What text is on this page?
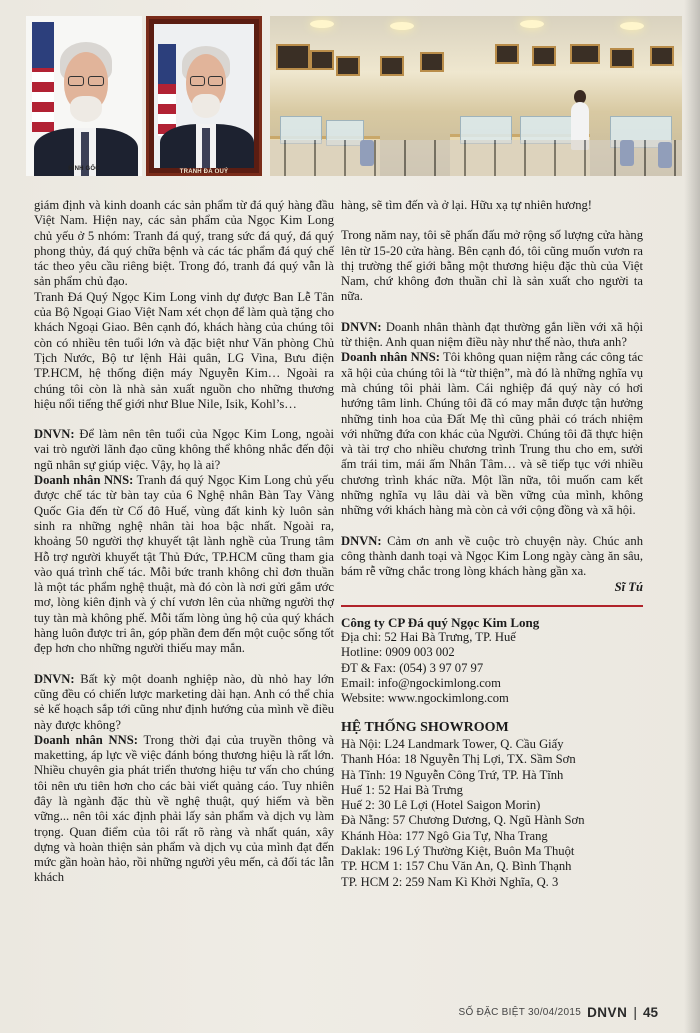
HÌNH GỐC	TRANH ĐÁ QUÝ

giám định và kinh doanh các sản phẩm từ đá quý hàng đầu Việt Nam. Hiện nay, các sản phẩm của Ngọc Kim Long chủ yếu ở 5 nhóm: Tranh đá quý, trang sức đá quý, đá quý phong thủy, đá quý chữa bệnh và các tác phẩm đá quý chế tác theo yêu cầu riêng biệt. Trong đó, tranh đá quý vẫn là sản phẩm chủ đạo.

Tranh Đá Quý Ngọc Kim Long vinh dự được Ban Lễ Tân của Bộ Ngoại Giao Việt Nam xét chọn để làm quà tặng cho khách Ngoại Giao. Bên cạnh đó, khách hàng của chúng tôi còn có nhiều tên tuổi lớn và đặc biệt như Văn phòng Chủ Tịch Nước, Bộ tư lệnh Hải quân, LG Vina, Bưu điện TP.HCM, hệ thống điện máy Nguyễn Kim… Ngoài ra chúng tôi còn là nhà sản xuất nguồn cho những thương hiệu nổi tiếng thế giới như Blue Nile, Isik, Kohl’s…

DNVN: Để làm nên tên tuổi của Ngọc Kim Long, ngoài vai trò người lãnh đạo cũng không thể không nhắc đến đội ngũ nhân sự giúp việc. Vậy, họ là ai?

Doanh nhân NNS: Tranh đá quý Ngọc Kim Long chủ yếu được chế tác từ bàn tay của 6 Nghệ nhân Bàn Tay Vàng Quốc Gia đến từ Cố đô Huế, vùng đất kinh kỳ luôn sản sinh ra những nghệ nhân tài hoa bậc nhất. Ngoài ra, khoảng 50 người thợ khuyết tật lành nghề của Trung tâm Hỗ trợ người khuyết tật Thủ Đức, TP.HCM cũng tham gia vào quá trình chế tác. Mỗi bức tranh không chỉ đơn thuần là một tác phẩm nghệ thuật, mà đó còn là nơi gửi gắm ước mơ, lòng kiên định và ý chí vươn lên của những người thợ tuy tàn mà không phế. Mỗi tấm lòng ủng hộ của quý khách hàng luôn được tri ân, góp phần đem đến một cuộc sống tốt đẹp hơn cho những người thiếu may mắn.

DNVN: Bất kỳ một doanh nghiệp nào, dù nhỏ hay lớn cũng đều có chiến lược marketing dài hạn. Anh có thể chia sẻ kế hoạch sắp tới cũng như định hướng của mình về điều này được không?

Doanh nhân NNS: Trong thời đại của truyền thông và maketting, áp lực về việc đánh bóng thương hiệu là rất lớn. Nhiều chuyên gia phát triển thương hiệu tư vấn cho chúng tôi nên ưu tiên hơn cho các bài viết quảng cáo. Tuy nhiên đây là ngành đặc thù về nghệ thuật, quý hiếm và bền vững... nên tôi xác định phải lấy sản phẩm và dịch vụ làm trọng. Quan điểm của tôi rất rõ ràng và nhất quán, xây dựng và hoàn thiện sản phẩm và dịch vụ của mình đạt đến mức gần hoàn hảo, rồi những người yêu mến, cả đối tác lẫn khách

hàng, sẽ tìm đến và ở lại. Hữu xạ tự nhiên hương!

Trong năm nay, tôi sẽ phấn đấu mở rộng số lượng cửa hàng lên từ 15-20 cửa hàng. Bên cạnh đó, tôi cũng muốn vươn ra thị trường thế giới bằng một thương hiệu đặc thù của Việt Nam, chứ không đơn thuần chỉ là sản xuất cho người ta nữa.

DNVN: Doanh nhân thành đạt thường gắn liền với xã hội từ thiện. Anh quan niệm điều này như thế nào, thưa anh?

Doanh nhân NNS: Tôi không quan niệm rằng các công tác xã hội của chúng tôi là “từ thiện”, mà đó là những nghĩa vụ mà chúng tôi phải làm. Cái nghiệp đá quý này có hơi hướng tâm linh. Chúng tôi đã có may mắn được tận hưởng những tinh hoa của Đất Mẹ thì cũng phải có trách nhiệm với những đứa con khác của Người. Chúng tôi đã thực hiện và tài trợ cho nhiều chương trình Trung thu cho em, sưởi ấm trái tim, mái ấm Nhân Tâm… và sẽ tiếp tục với nhiều chương trình khác nữa. Một lần nữa, tôi muốn cam kết những nghĩa vụ lâu dài và bền vững của mình, không những với khách hàng mà còn cả với cộng đồng và xã hội.

DNVN: Cảm ơn anh về cuộc trò chuyện này. Chúc anh công thành danh toại và Ngọc Kim Long ngày càng ăn sâu, bám rễ vững chắc trong lòng khách hàng gần xa.

Sĩ Tú

Công ty CP Đá quý Ngọc Kim Long
Địa chỉ: 52 Hai Bà Trưng, TP. Huế
Hotline: 0909 003 002
ĐT & Fax: (054) 3 97 07 97
Email: info@ngockimlong.com
Website: www.ngockimlong.com
HỆ THỐNG SHOWROOM
Hà Nội: L24 Landmark Tower, Q. Cầu Giấy
Thanh Hóa: 18 Nguyễn Thị Lợi, TX. Sầm Sơn
Hà Tĩnh: 19 Nguyễn Công Trứ, TP. Hà Tĩnh
Huế 1: 52 Hai Bà Trưng
Huế 2: 30 Lê Lợi (Hotel Saigon Morin)
Đà Nẵng: 57 Chương Dương, Q. Ngũ Hành Sơn
Khánh Hòa: 177 Ngô Gia Tự, Nha Trang
Daklak: 196 Lý Thường Kiệt, Buôn Ma Thuột
TP. HCM 1: 157 Chu Văn An, Q. Bình Thạnh
TP. HCM 2: 259 Nam Kì Khởi Nghĩa, Q. 3
SỐ ĐẶC BIỆT 30/04/2015 DNVN | 45
